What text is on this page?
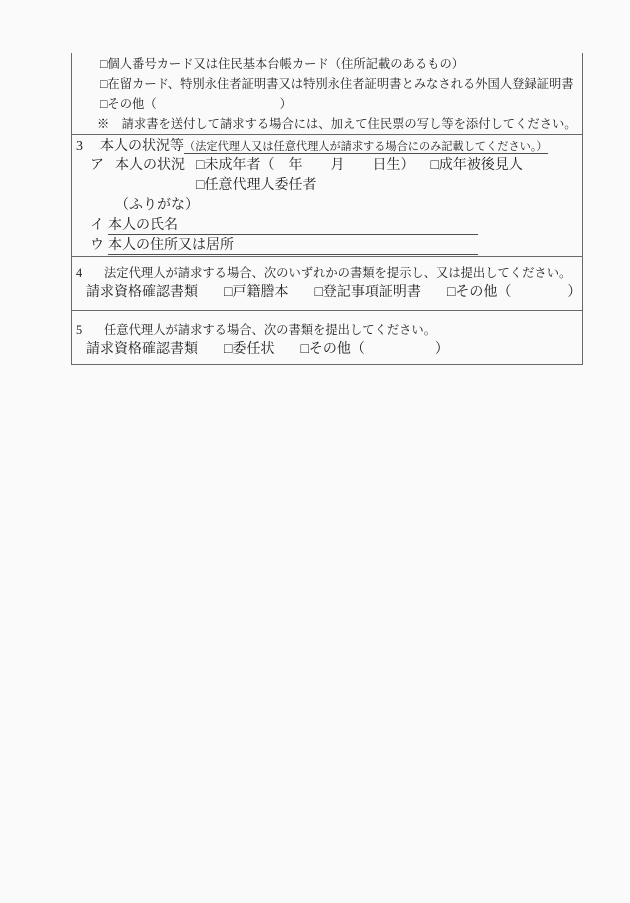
□個人番号カード又は住民基本台帳カード（住所記載のあるもの）
□在留カード、特別永住者証明書又は特別永住者証明書とみなされる外国人登録証明書
□その他（　　　　　　　　　　）
※　請求書を送付して請求する場合には、加えて住民票の写し等を添付してください。
3 本人の状況等（法定代理人又は任意代理人が請求する場合にのみ記載してください。）
ア 本人の状況 □未成年者（　年　　月　　日生） □成年被後見人
□任意代理人委任者
（ふりがな）
イ 本人の氏名
ウ 本人の住所又は居所
4 法定代理人が請求する場合、次のいずれかの書類を提示し、又は提出してください。
請求資格確認書類 □戸籍謄本 □登記事項証明書 □その他（　　　　）
5 任意代理人が請求する場合、次の書類を提出してください。
請求資格確認書類 □委任状 □その他（　　　　　）
